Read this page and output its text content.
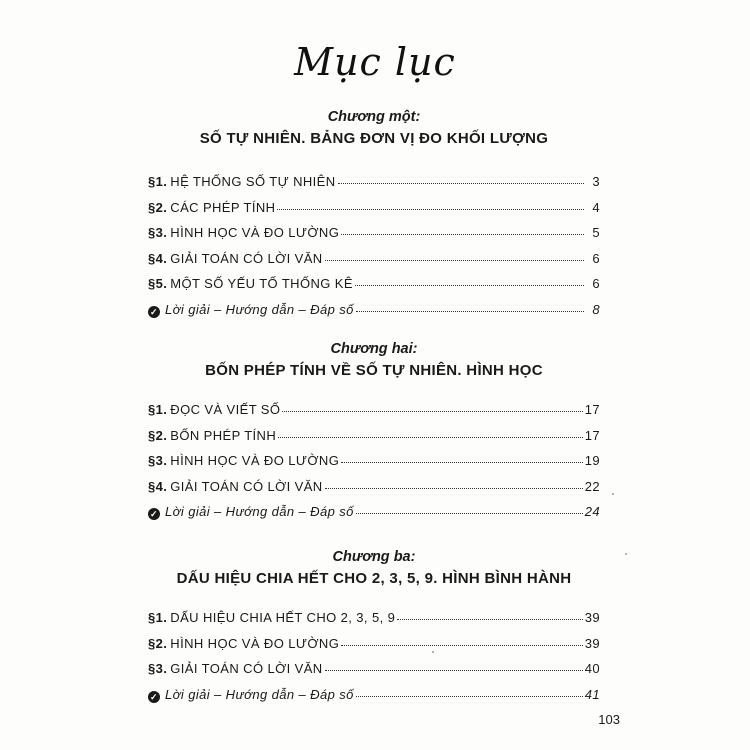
Mục lục
Chương một:
SỐ TỰ NHIÊN. BẢNG ĐƠN VỊ ĐO KHỐI LƯỢNG
§1. HỆ THỐNG SỐ TỰ NHIÊN	3
§2. CÁC PHÉP TÍNH	4
§3. HÌNH HỌC VÀ ĐO LƯỜNG	5
§4. GIẢI TOÁN CÓ LỜI VĂN	6
§5. MỘT SỐ YẾU TỐ THỐNG KÊ	6
✓ Lời giải – Hướng dẫn – Đáp số	8
Chương hai:
BỐN PHÉP TÍNH VỀ SỐ TỰ NHIÊN. HÌNH HỌC
§1. ĐỌC VÀ VIẾT SỐ	17
§2. BỐN PHÉP TÍNH	17
§3. HÌNH HỌC VÀ ĐO LƯỜNG	19
§4. GIẢI TOÁN CÓ LỜI VĂN	22
✓ Lời giải – Hướng dẫn – Đáp số	24
Chương ba:
DẤU HIỆU CHIA HẾT CHO 2, 3, 5, 9. HÌNH BÌNH HÀNH
§1. DẤU HIỆU CHIA HẾT CHO 2, 3, 5, 9	39
§2. HÌNH HỌC VÀ ĐO LƯỜNG	39
§3. GIẢI TOÁN CÓ LỜI VĂN	40
✓ Lời giải – Hướng dẫn – Đáp số	41
103
